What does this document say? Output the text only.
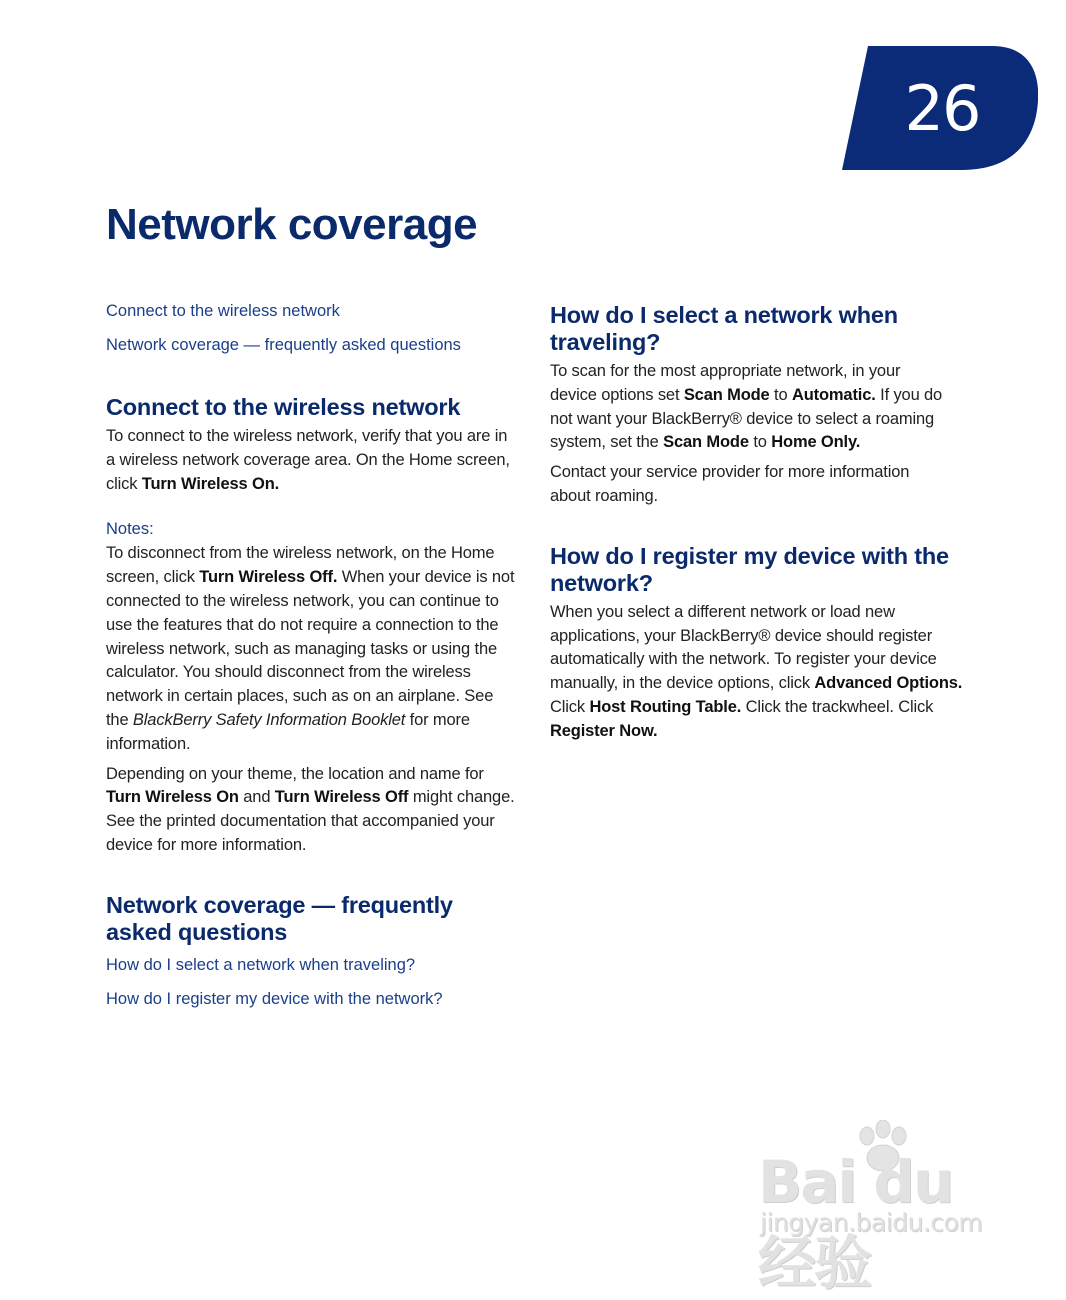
26
Network coverage
Connect to the wireless network
Network coverage — frequently asked questions
Connect to the wireless network

To connect to the wireless network, verify that you are in a wireless network coverage area. On the Home screen, click Turn Wireless On.

Notes:

To disconnect from the wireless network, on the Home screen, click Turn Wireless Off. When your device is not connected to the wireless network, you can continue to use the features that do not require a connection to the wireless network, such as managing tasks or using the calculator. You should disconnect from the wireless network in certain places, such as on an airplane. See the BlackBerry Safety Information Booklet for more information.

Depending on your theme, the location and name for Turn Wireless On and Turn Wireless Off might change. See the printed documentation that accompanied your device for more information.

Network coverage — frequently asked questions
How do I select a network when traveling?
How do I register my device with the network?
How do I select a network when traveling?

To scan for the most appropriate network, in your device options set Scan Mode to Automatic. If you do not want your BlackBerry® device to select a roaming system, set the Scan Mode to Home Only.

Contact your service provider for more information about roaming.

How do I register my device with the network?

When you select a different network or load new applications, your BlackBerry® device should register automatically with the network. To register your device manually, in the device options, click Advanced Options. Click Host Routing Table. Click the trackwheel. Click Register Now.

Bai du 经验
jingyan.baidu.com
